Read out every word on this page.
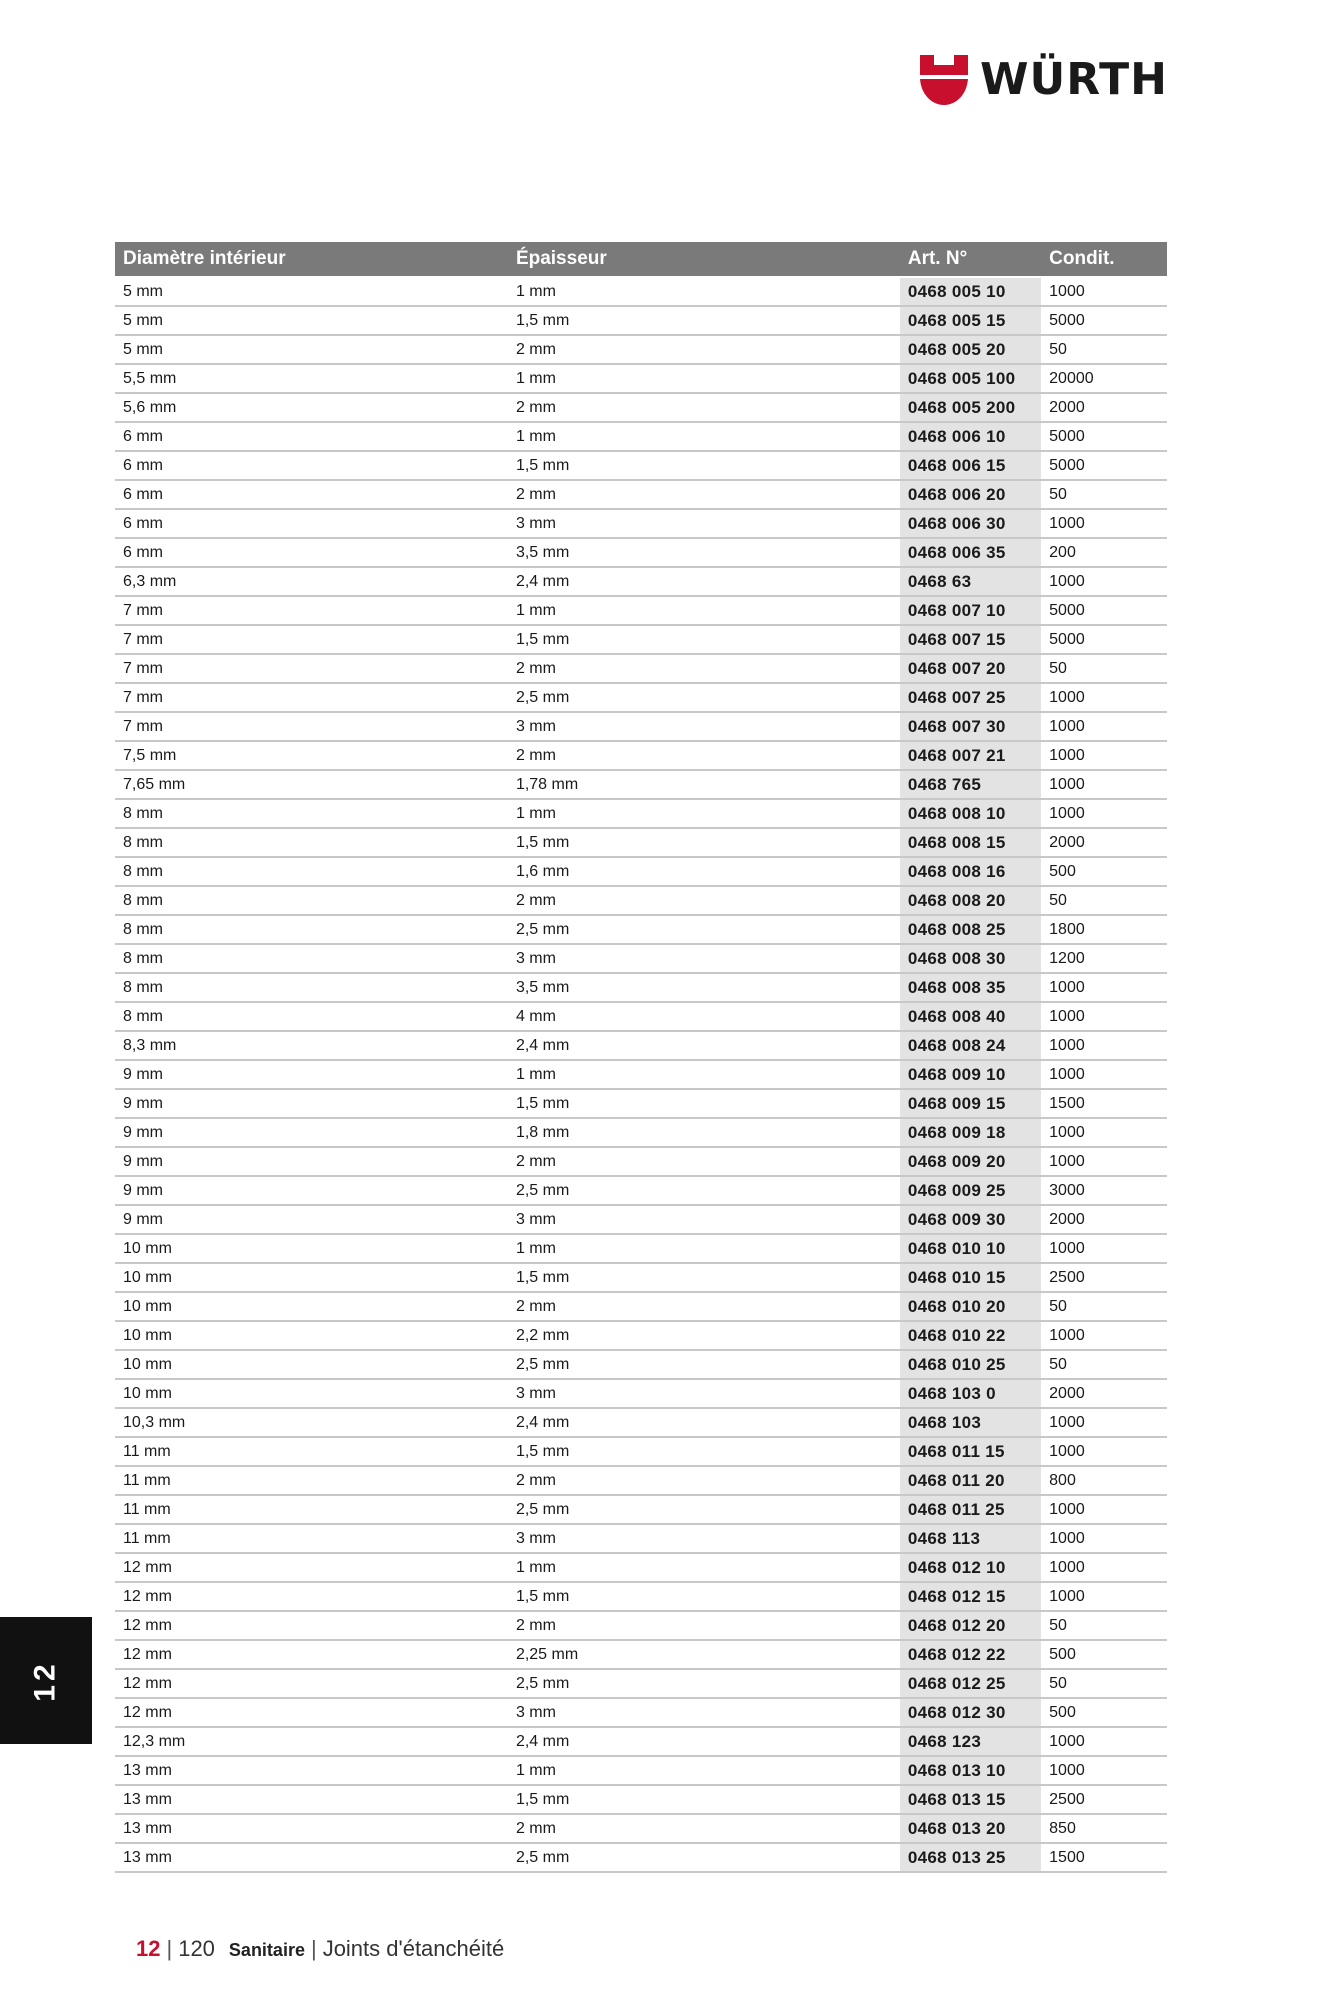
WÜRTH
Diamètre intérieur	Épaisseur	Art. N°	Condit.
5 mm	1 mm	0468 005 10	1000
5 mm	1,5 mm	0468 005 15	5000
5 mm	2 mm	0468 005 20	50
5,5 mm	1 mm	0468 005 100	20000
5,6 mm	2 mm	0468 005 200	2000
6 mm	1 mm	0468 006 10	5000
6 mm	1,5 mm	0468 006 15	5000
6 mm	2 mm	0468 006 20	50
6 mm	3 mm	0468 006 30	1000
6 mm	3,5 mm	0468 006 35	200
6,3 mm	2,4 mm	0468 63	1000
7 mm	1 mm	0468 007 10	5000
7 mm	1,5 mm	0468 007 15	5000
7 mm	2 mm	0468 007 20	50
7 mm	2,5 mm	0468 007 25	1000
7 mm	3 mm	0468 007 30	1000
7,5 mm	2 mm	0468 007 21	1000
7,65 mm	1,78 mm	0468 765	1000
8 mm	1 mm	0468 008 10	1000
8 mm	1,5 mm	0468 008 15	2000
8 mm	1,6 mm	0468 008 16	500
8 mm	2 mm	0468 008 20	50
8 mm	2,5 mm	0468 008 25	1800
8 mm	3 mm	0468 008 30	1200
8 mm	3,5 mm	0468 008 35	1000
8 mm	4 mm	0468 008 40	1000
8,3 mm	2,4 mm	0468 008 24	1000
9 mm	1 mm	0468 009 10	1000
9 mm	1,5 mm	0468 009 15	1500
9 mm	1,8 mm	0468 009 18	1000
9 mm	2 mm	0468 009 20	1000
9 mm	2,5 mm	0468 009 25	3000
9 mm	3 mm	0468 009 30	2000
10 mm	1 mm	0468 010 10	1000
10 mm	1,5 mm	0468 010 15	2500
10 mm	2 mm	0468 010 20	50
10 mm	2,2 mm	0468 010 22	1000
10 mm	2,5 mm	0468 010 25	50
10 mm	3 mm	0468 103 0	2000
10,3 mm	2,4 mm	0468 103	1000
11 mm	1,5 mm	0468 011 15	1000
11 mm	2 mm	0468 011 20	800
11 mm	2,5 mm	0468 011 25	1000
11 mm	3 mm	0468 113	1000
12 mm	1 mm	0468 012 10	1000
12 mm	1,5 mm	0468 012 15	1000
12 mm	2 mm	0468 012 20	50
12 mm	2,25 mm	0468 012 22	500
12 mm	2,5 mm	0468 012 25	50
12 mm	3 mm	0468 012 30	500
12,3 mm	2,4 mm	0468 123	1000
13 mm	1 mm	0468 013 10	1000
13 mm	1,5 mm	0468 013 15	2500
13 mm	2 mm	0468 013 20	850
13 mm	2,5 mm	0468 013 25	1500
12
12 | 120 Sanitaire | Joints d'étanchéité
